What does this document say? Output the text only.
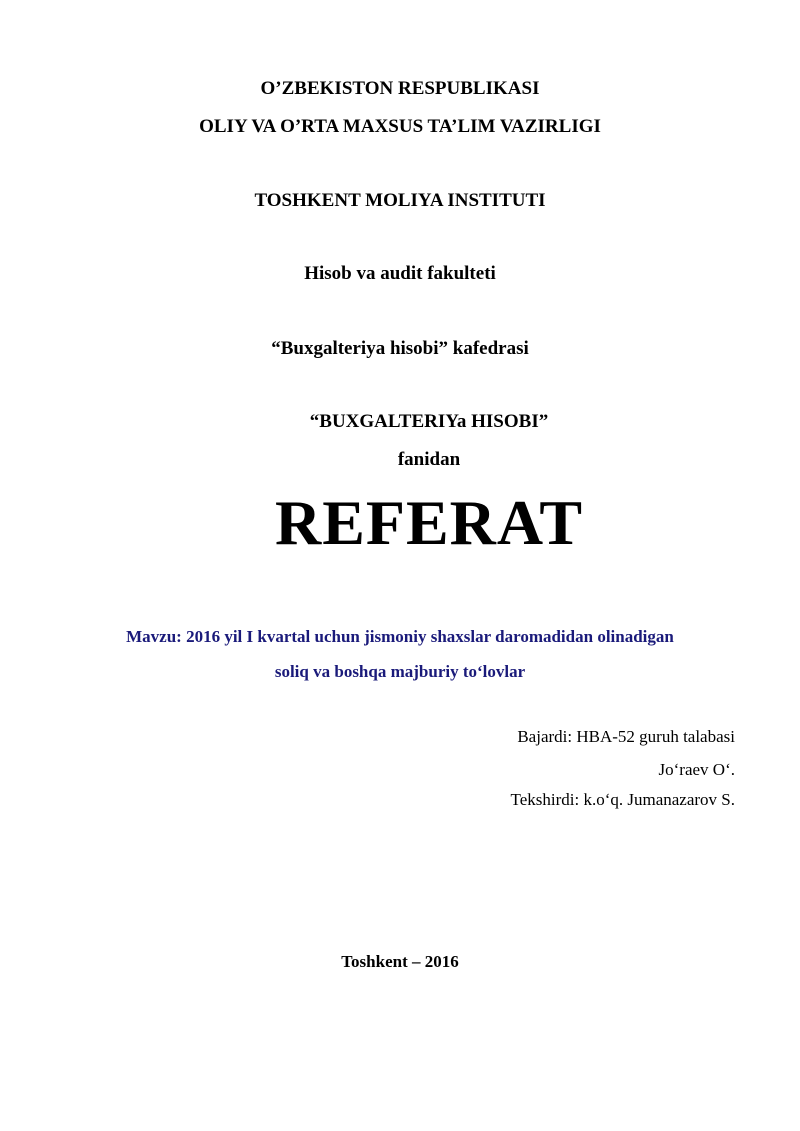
O’ZBEKISTON RESPUBLIKASI
OLIY VA O’RTA MAXSUS TA’LIM VAZIRLIGI
TOSHKENT MOLIYA INSTITUTI
Hisob va audit fakulteti
“Buxgalteriya hisobi” kafedrasi
“BUXGALTERIYa HISOBI”
fanidan
REFERAT
Mavzu: 2016 yil I kvartal uchun jismoniy shaxslar daromadidan olinadigan
soliq va boshqa majburiy to‘lovlar
Bajardi: HBA-52 guruh talabasi
Jo‘raev O‘.
Tekshirdi: k.o‘q. Jumanazarov S.
Toshkent – 2016
